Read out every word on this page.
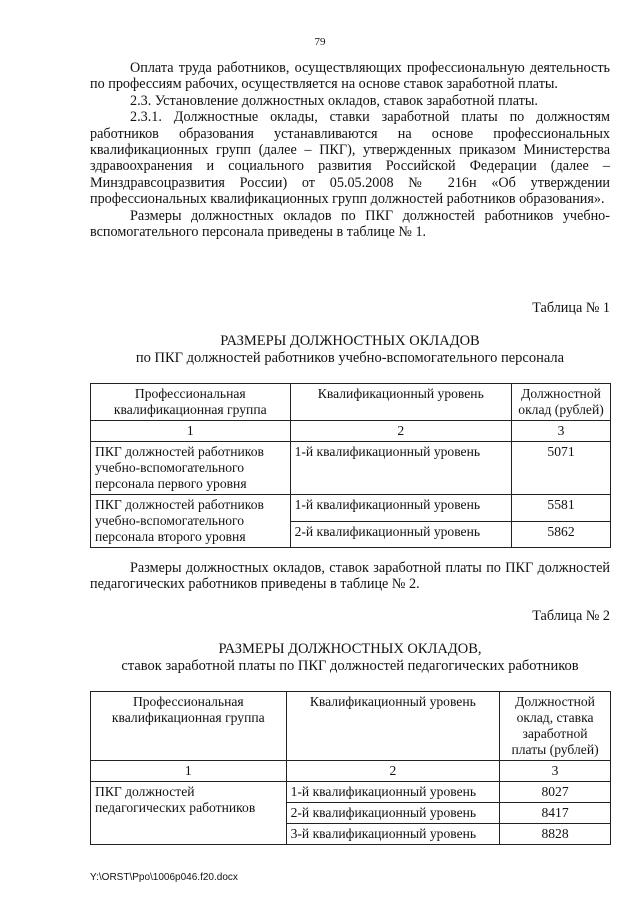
79

Оплата труда работников, осуществляющих профессиональную деятельность по профессиям рабочих, осуществляется на основе ставок заработной платы.

2.3. Установление должностных окладов, ставок заработной платы.

2.3.1. Должностные оклады, ставки заработной платы по должностям работников образования устанавливаются на основе профессиональных квалификационных групп (далее – ПКГ), утвержденных приказом Министерства здравоохранения и социального развития Российской Федерации (далее – Минздравсоцразвития России) от 05.05.2008 № 216н «Об утверждении профессиональных квалификационных групп должностей работников образования».

Размеры должностных окладов по ПКГ должностей работников учебно-вспомогательного персонала приведены в таблице № 1.

Таблица № 1
РАЗМЕРЫ ДОЛЖНОСТНЫХ ОКЛАДОВ
по ПКГ должностей работников учебно-вспомогательного персонала
Профессиональная квалификационная группа	Квалификационный уровень	Должностной оклад (рублей)
1	2	3
ПКГ должностей работников учебно-вспомогательного персонала первого уровня	1-й квалификационный уровень	5071
ПКГ должностей работников учебно-вспомогательного персонала второго уровня	1-й квалификационный уровень	5581
	2-й квалификационный уровень	5862

Размеры должностных окладов, ставок заработной платы по ПКГ должностей педагогических работников приведены в таблице № 2.

Таблица № 2
РАЗМЕРЫ ДОЛЖНОСТНЫХ ОКЛАДОВ,
ставок заработной платы по ПКГ должностей педагогических работников
Профессиональная квалификационная группа	Квалификационный уровень	Должностной оклад, ставка заработной платы (рублей)
1	2	3
ПКГ должностей педагогических работников	1-й квалификационный уровень	8027
	2-й квалификационный уровень	8417
	3-й квалификационный уровень	8828
Y:\ORST\Ppo\1006p046.f20.docx
